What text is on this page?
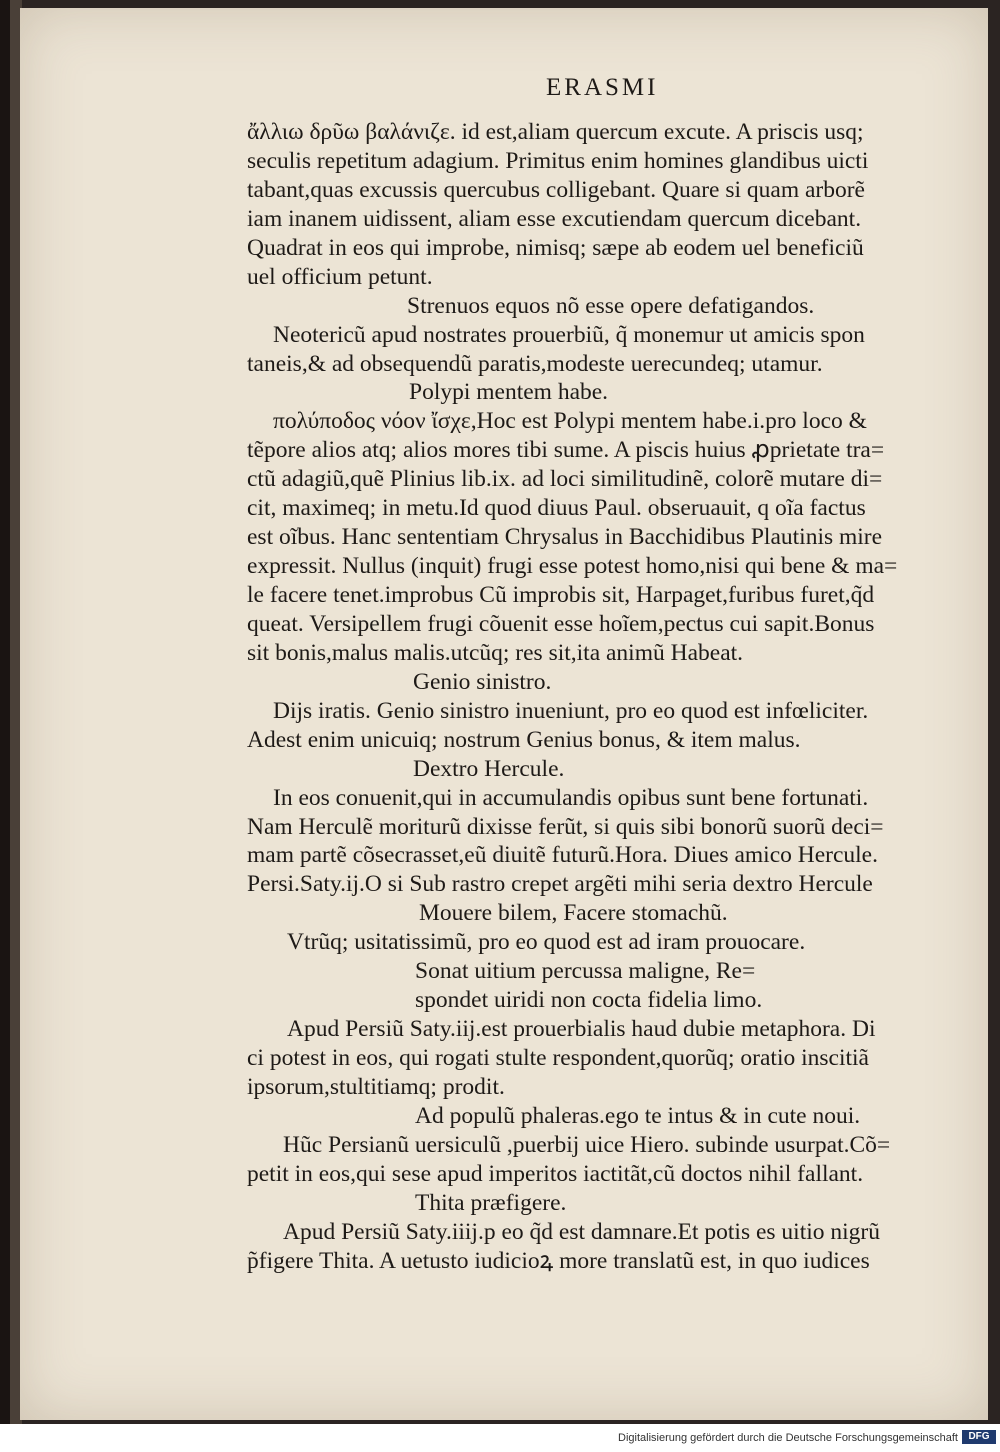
ERASMI
ἄλλιω δρῦω βαλάνιζε. id est,aliam quercum excute. A priscis usq;
seculis repetitum adagium. Primitus enim homines glandibus uicti
tabant,quas excussis quercubus colligebant. Quare si quam arborẽ
iam inanem uidissent, aliam esse excutiendam quercum dicebant.
Quadrat in eos qui improbe, nimisq; sæpe ab eodem uel beneficiũ
uel officium petunt.
Strenuos equos nõ esse opere defatigandos.
Neotericũ apud nostrates prouerbiũ, q̃ monemur ut amicis spon
taneis,& ad obsequendũ paratis,modeste uerecundeq; utamur.
Polypi mentem habe.
πολύποδος νόον ἴσχε,Hoc est Polypi mentem habe.i.pro loco &
tẽpore alios atq; alios mores tibi sume. A piscis huius ꝓprietate tra=
ctũ adagiũ,quẽ Plinius lib.ix. ad loci similitudinẽ, colorẽ mutare di=
cit, maximeq; in metu.Id quod diuus Paul. obseruauit, q oĩa factus
est oĩbus. Hanc sententiam Chrysalus in Bacchidibus Plautinis mire
expressit. Nullus (inquit) frugi esse potest homo,nisi qui bene & ma=
le facere tenet.improbus Cũ improbis sit, Harpaget,furibus furet,q̃d
queat. Versipellem frugi cõuenit esse hoĩem,pectus cui sapit.Bonus
sit bonis,malus malis.utcũq; res sit,ita animũ Habeat.
Genio sinistro.
Dijs iratis. Genio sinistro inueniunt, pro eo quod est infœliciter.
Adest enim unicuiq; nostrum Genius bonus, & item malus.
Dextro Hercule.
In eos conuenit,qui in accumulandis opibus sunt bene fortunati.
Nam Herculẽ moriturũ dixisse ferũt, si quis sibi bonorũ suorũ deci=
mam partẽ cõsecrasset,eũ diuitẽ futurũ.Hora. Diues amico Hercule.
Persi.Saty.ij.O si Sub rastro crepet argẽti mihi seria dextro Hercule
Mouere bilem, Facere stomachũ.
Vtrũq; usitatissimũ, pro eo quod est ad iram prouocare.
Sonat uitium percussa maligne, Re=
spondet uiridi non cocta fidelia limo.
Apud Persiũ Saty.iij.est prouerbialis haud dubie metaphora. Di
ci potest in eos, qui rogati stulte respondent,quorũq; oratio inscitiã
ipsorum,stultitiamq; prodit.
Ad populũ phaleras.ego te intus & in cute noui.
Hũc Persianũ uersiculũ ,puerbij uice Hiero. subinde usurpat.Cõ=
petit in eos,qui sese apud imperitos iactitãt,cũ doctos nihil fallant.
Thita præfigere.
Apud Persiũ Saty.iiij.p eo q̃d est damnare.Et potis es uitio nigrũ
p̃figere Thita. A uetusto iudicioꝝ more translatũ est, in quo iudices
Digitalisierung gefördert durch die Deutsche Forschungsgemeinschaft	DFG
